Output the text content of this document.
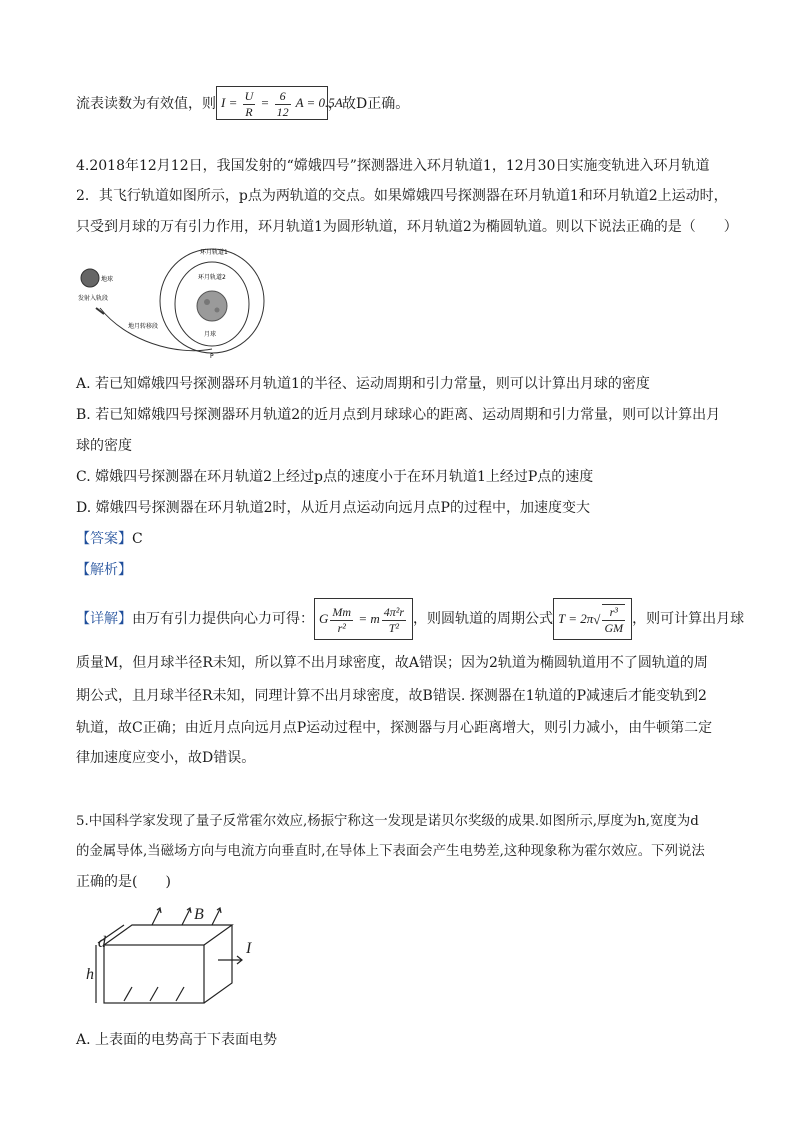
流表读数为有效值，则 $I = \frac{U}{R} = \frac{6}{12}$ A = 0.5A，故D正确。
4.2018年12月12日，我国发射的“嫦娥四号”探测器进入环月轨道1，12月30日实施变轨进入环月轨道
2．其飞行轨道如图所示，p点为两轨道的交点。如果嫦娥四号探测器在环月轨道1和环月轨道2上运动时，
只受到月球的万有引力作用，环月轨道1为圆形轨道，环月轨道2为椭圆轨道。则以下说法正确的是（　　）
环月轨道1
环月轨道2
地球
发射入轨段
地月转移段
月球
P
A. 若已知嫦娥四号探测器环月轨道1的半径、运动周期和引力常量，则可以计算出月球的密度
B. 若已知嫦娥四号探测器环月轨道2的近月点到月球球心的距离、运动周期和引力常量，则可以计算出月
球的密度
C. 嫦娥四号探测器在环月轨道2上经过p点的速度小于在环月轨道1上经过P点的速度
D. 嫦娥四号探测器在环月轨道2时，从近月点运动向远月点P的过程中，加速度变大
【答案】C
【解析】
【详解】由万有引力提供向心力可得： G $\frac{Mm}{\text{r²}} = m \frac{\text{4π²r}}{\text{T²}}$ ，则圆轨道的周期公式 $T = 2\pi√ \frac{\text{r³}}{GM}$ ，则可计算出月球
质量M，但月球半径R未知，所以算不出月球密度，故A错误；因为2轨道为椭圆轨道用不了圆轨道的周
期公式，且月球半径R未知，同理计算不出月球密度，故B错误. 探测器在1轨道的P减速后才能变轨到2
轨道，故C正确；由近月点向远月点P运动过程中，探测器与月心距离增大，则引力减小，由牛顿第二定
律加速度应变小，故D错误。
5.中国科学家发现了量子反常霍尔效应,杨振宁称这一发现是诺贝尔奖级的成果.如图所示,厚度为h,宽度为d
的金属导体,当磁场方向与电流方向垂直时,在导体上下表面会产生电势差,这种现象称为霍尔效应。下列说法
正确的是(　　)
B
I
d
h
A. 上表面的电势高于下表面电势
